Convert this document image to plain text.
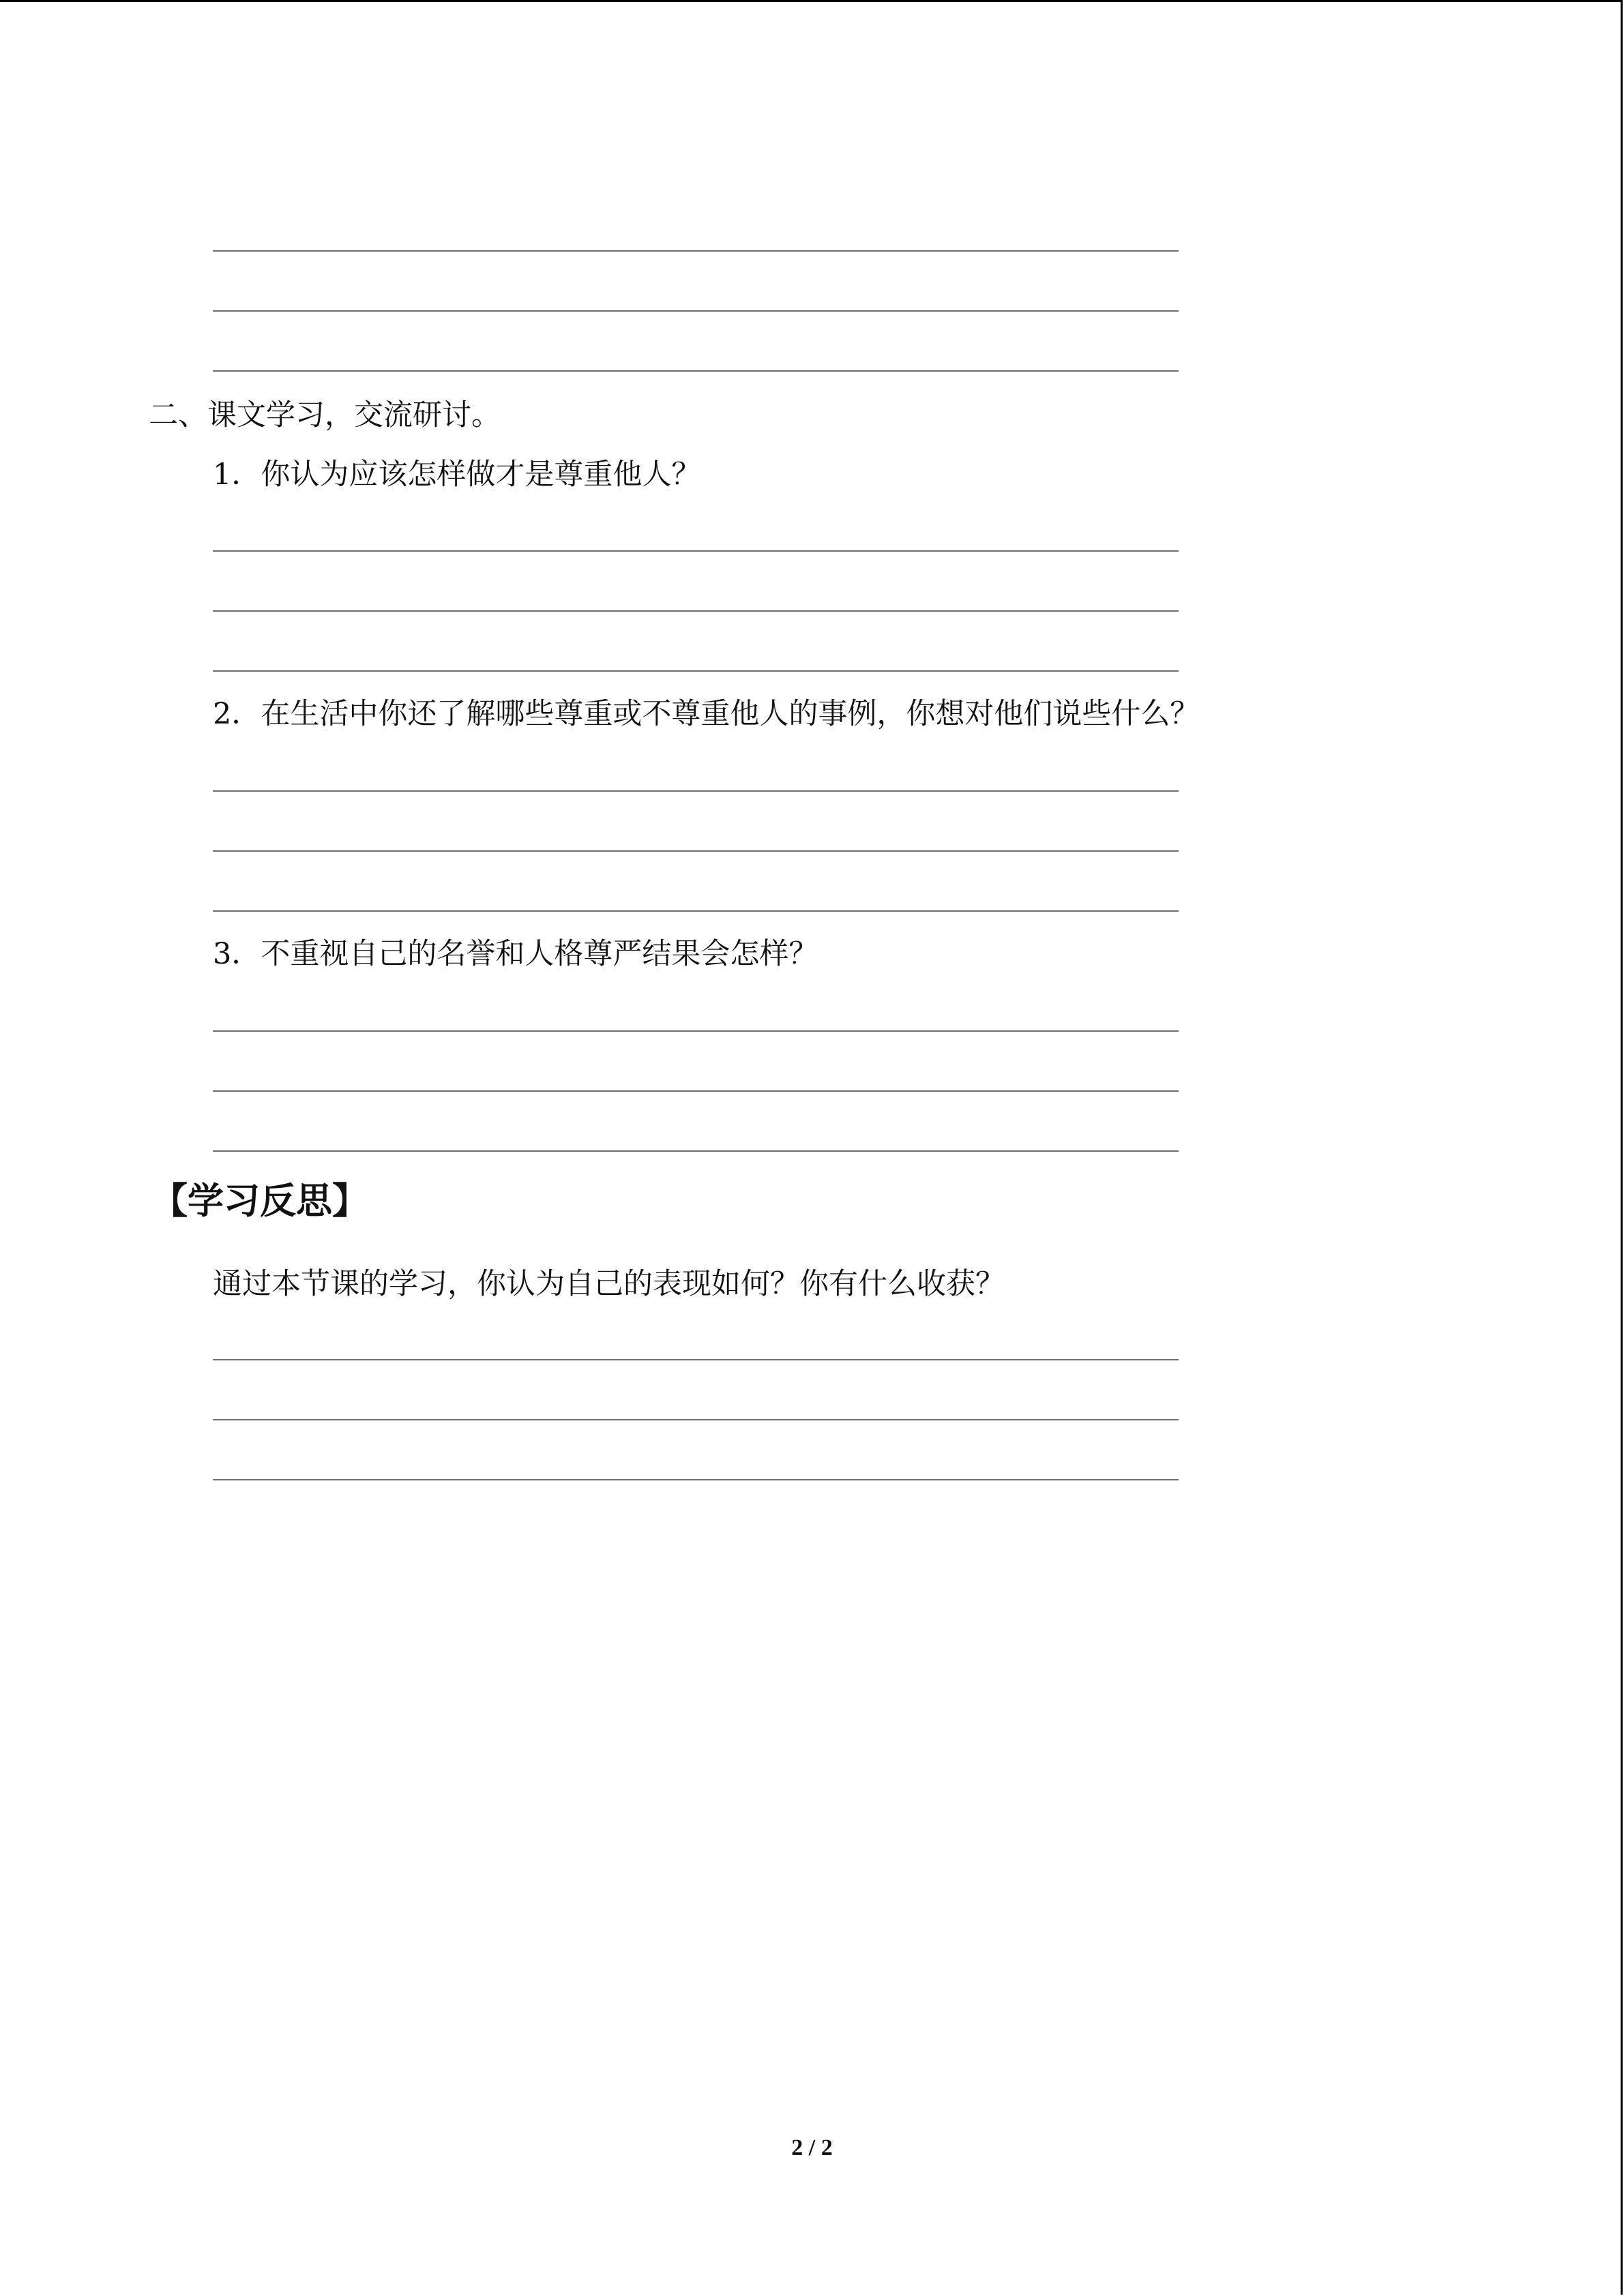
二、课文学习，交流研讨。
1．你认为应该怎样做才是尊重他人？
2．在生活中你还了解哪些尊重或不尊重他人的事例，你想对他们说些什么？
3．不重视自己的名誉和人格尊严结果会怎样？
【学习反思】
通过本节课的学习，你认为自己的表现如何？你有什么收获？
2 / 2
